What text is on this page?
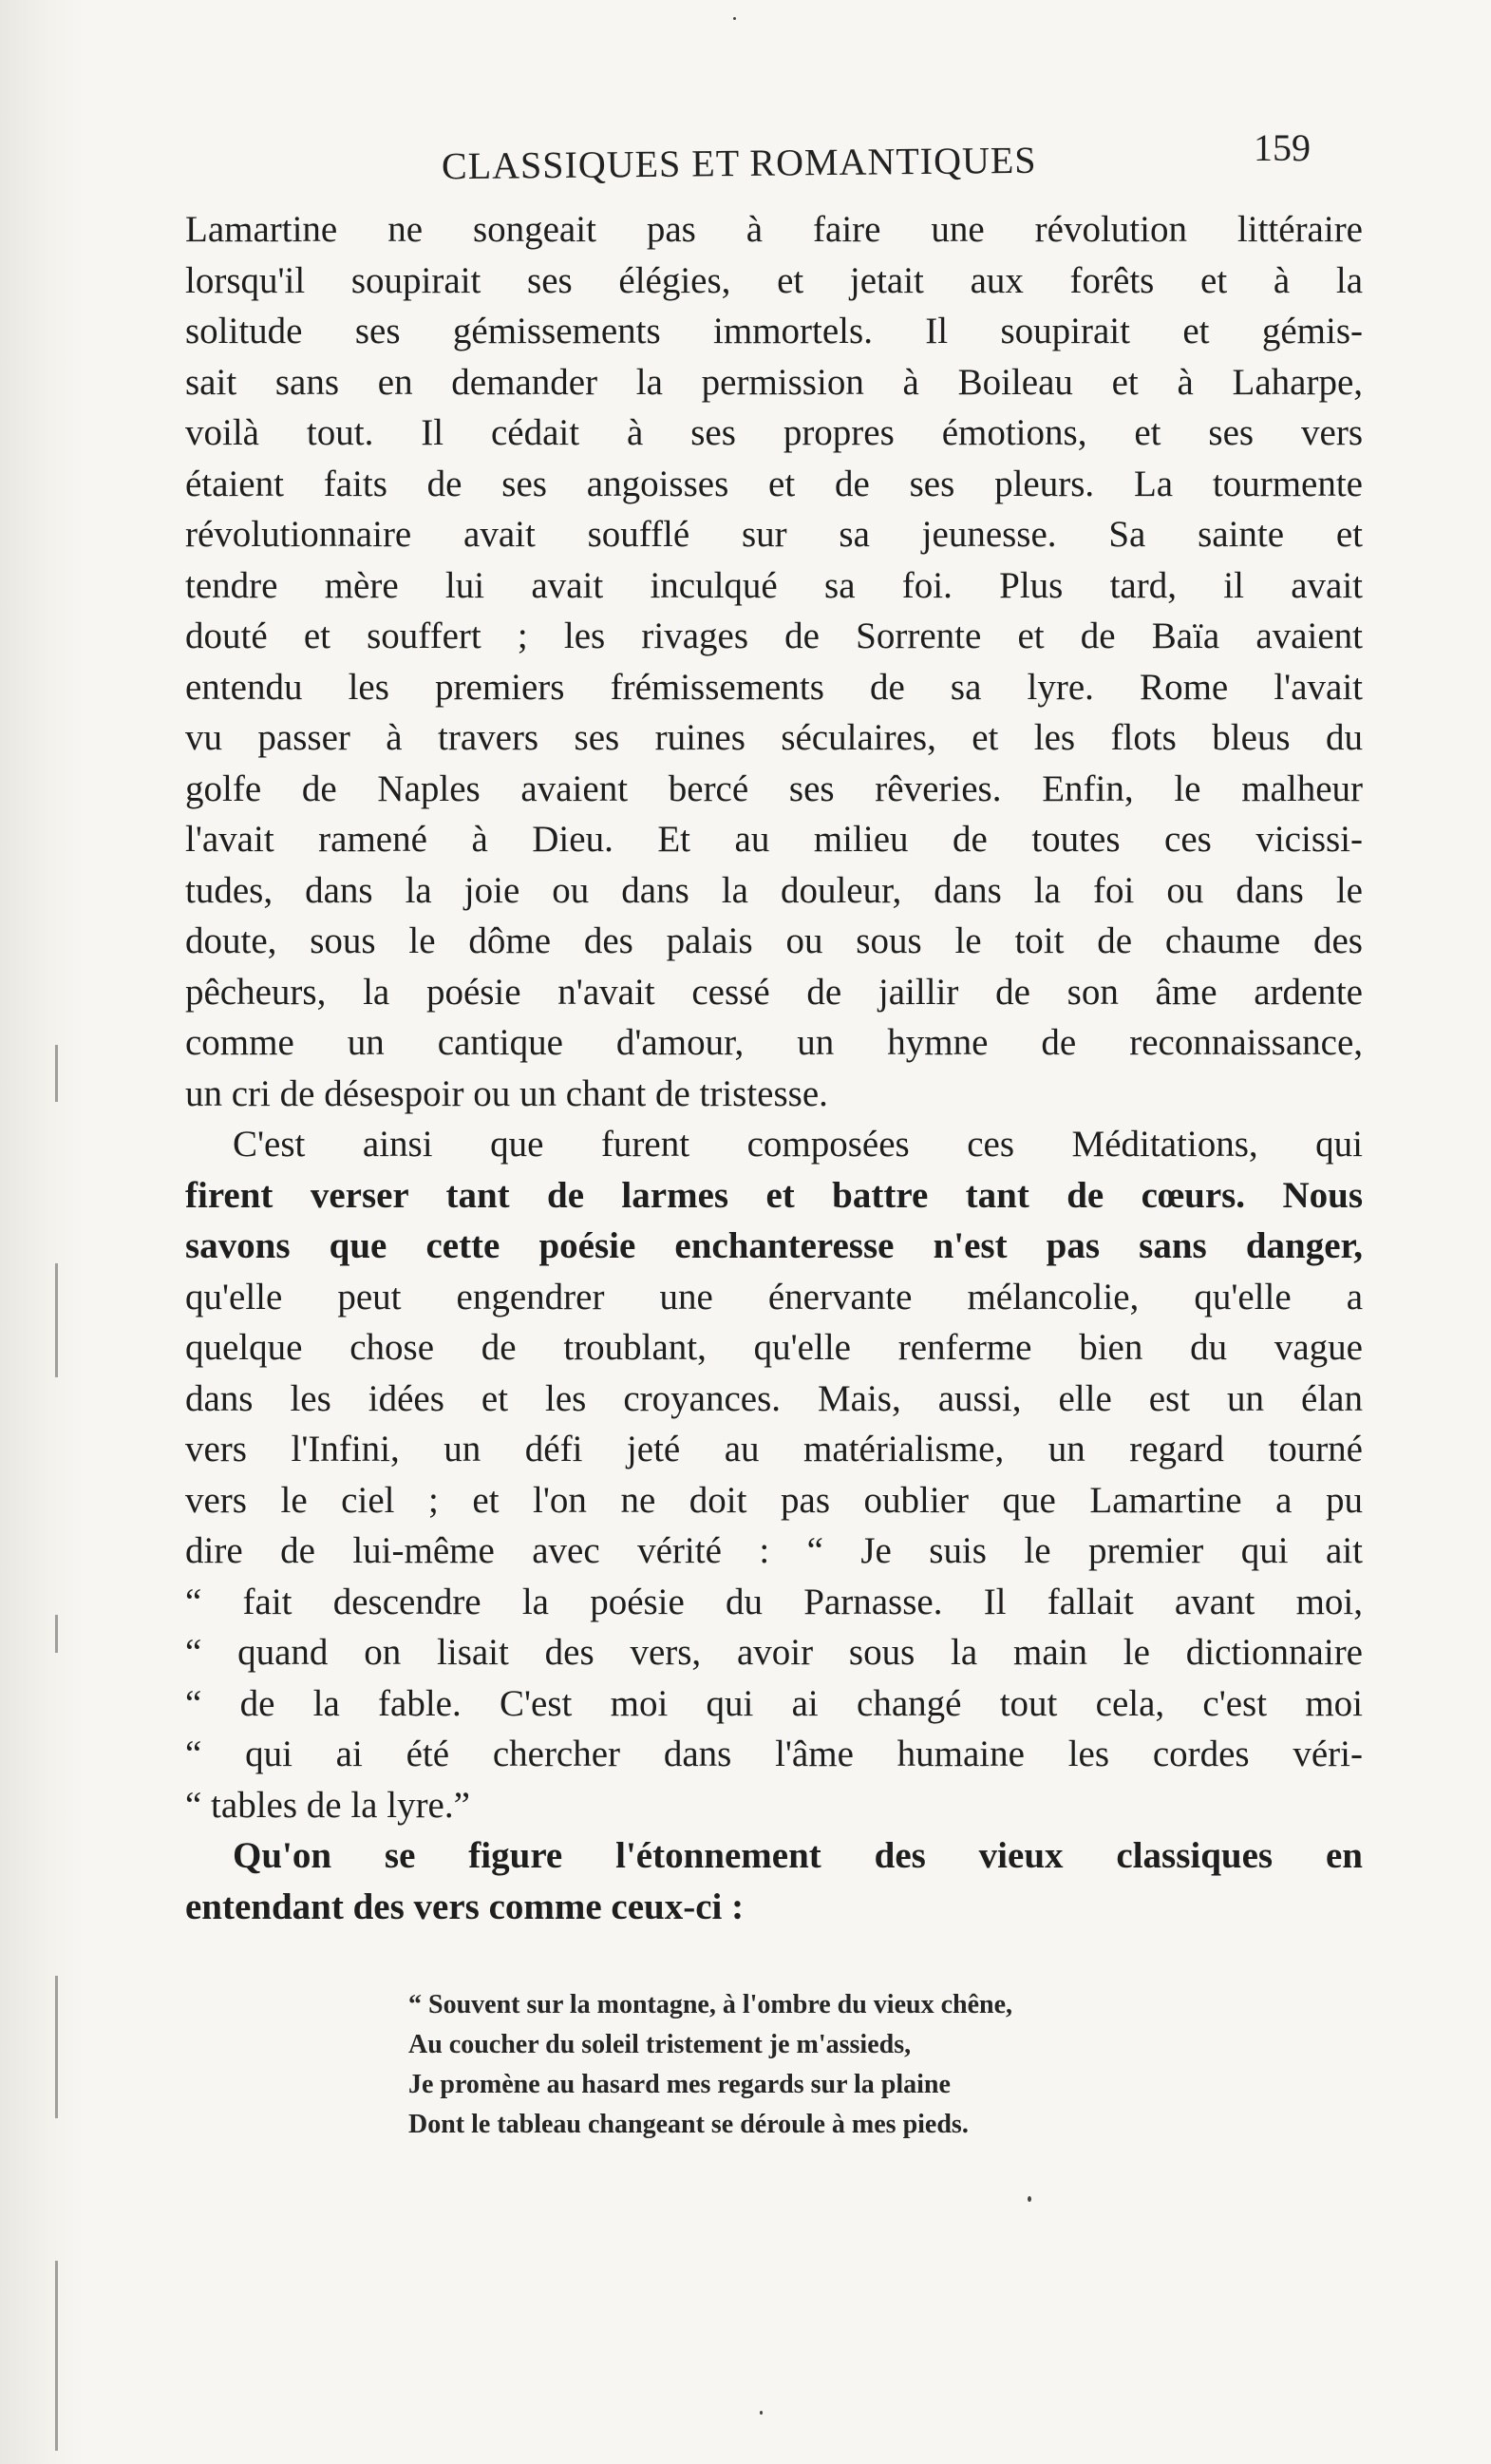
CLASSIQUES ET ROMANTIQUES	159
Lamartine ne songeait pas à faire une révolution littéraire
lorsqu'il soupirait ses élégies, et jetait aux forêts et à la
solitude ses gémissements immortels. Il soupirait et gémis-
sait sans en demander la permission à Boileau et à Laharpe,
voilà tout. Il cédait à ses propres émotions, et ses vers
étaient faits de ses angoisses et de ses pleurs. La tourmente
révolutionnaire avait soufflé sur sa jeunesse. Sa sainte et
tendre mère lui avait inculqué sa foi. Plus tard, il avait
douté et souffert ; les rivages de Sorrente et de Baïa avaient
entendu les premiers frémissements de sa lyre. Rome l'avait
vu passer à travers ses ruines séculaires, et les flots bleus du
golfe de Naples avaient bercé ses rêveries. Enfin, le malheur
l'avait ramené à Dieu. Et au milieu de toutes ces vicissi-
tudes, dans la joie ou dans la douleur, dans la foi ou dans le
doute, sous le dôme des palais ou sous le toit de chaume des
pêcheurs, la poésie n'avait cessé de jaillir de son âme ardente
comme un cantique d'amour, un hymne de reconnaissance,
un cri de désespoir ou un chant de tristesse.
C'est ainsi que furent composées ces Méditations, qui
firent verser tant de larmes et battre tant de cœurs. Nous
savons que cette poésie enchanteresse n'est pas sans danger,
qu'elle peut engendrer une énervante mélancolie, qu'elle a
quelque chose de troublant, qu'elle renferme bien du vague
dans les idées et les croyances. Mais, aussi, elle est un élan
vers l'Infini, un défi jeté au matérialisme, un regard tourné
vers le ciel ; et l'on ne doit pas oublier que Lamartine a pu
dire de lui-même avec vérité : “ Je suis le premier qui ait
“ fait descendre la poésie du Parnasse. Il fallait avant moi,
“ quand on lisait des vers, avoir sous la main le dictionnaire
“ de la fable. C'est moi qui ai changé tout cela, c'est moi
“ qui ai été chercher dans l'âme humaine les cordes véri-
“ tables de la lyre.”
Qu'on se figure l'étonnement des vieux classiques en
entendant des vers comme ceux-ci :
“ Souvent sur la montagne, à l'ombre du vieux chêne,
Au coucher du soleil tristement je m'assieds,
Je promène au hasard mes regards sur la plaine
Dont le tableau changeant se déroule à mes pieds.
